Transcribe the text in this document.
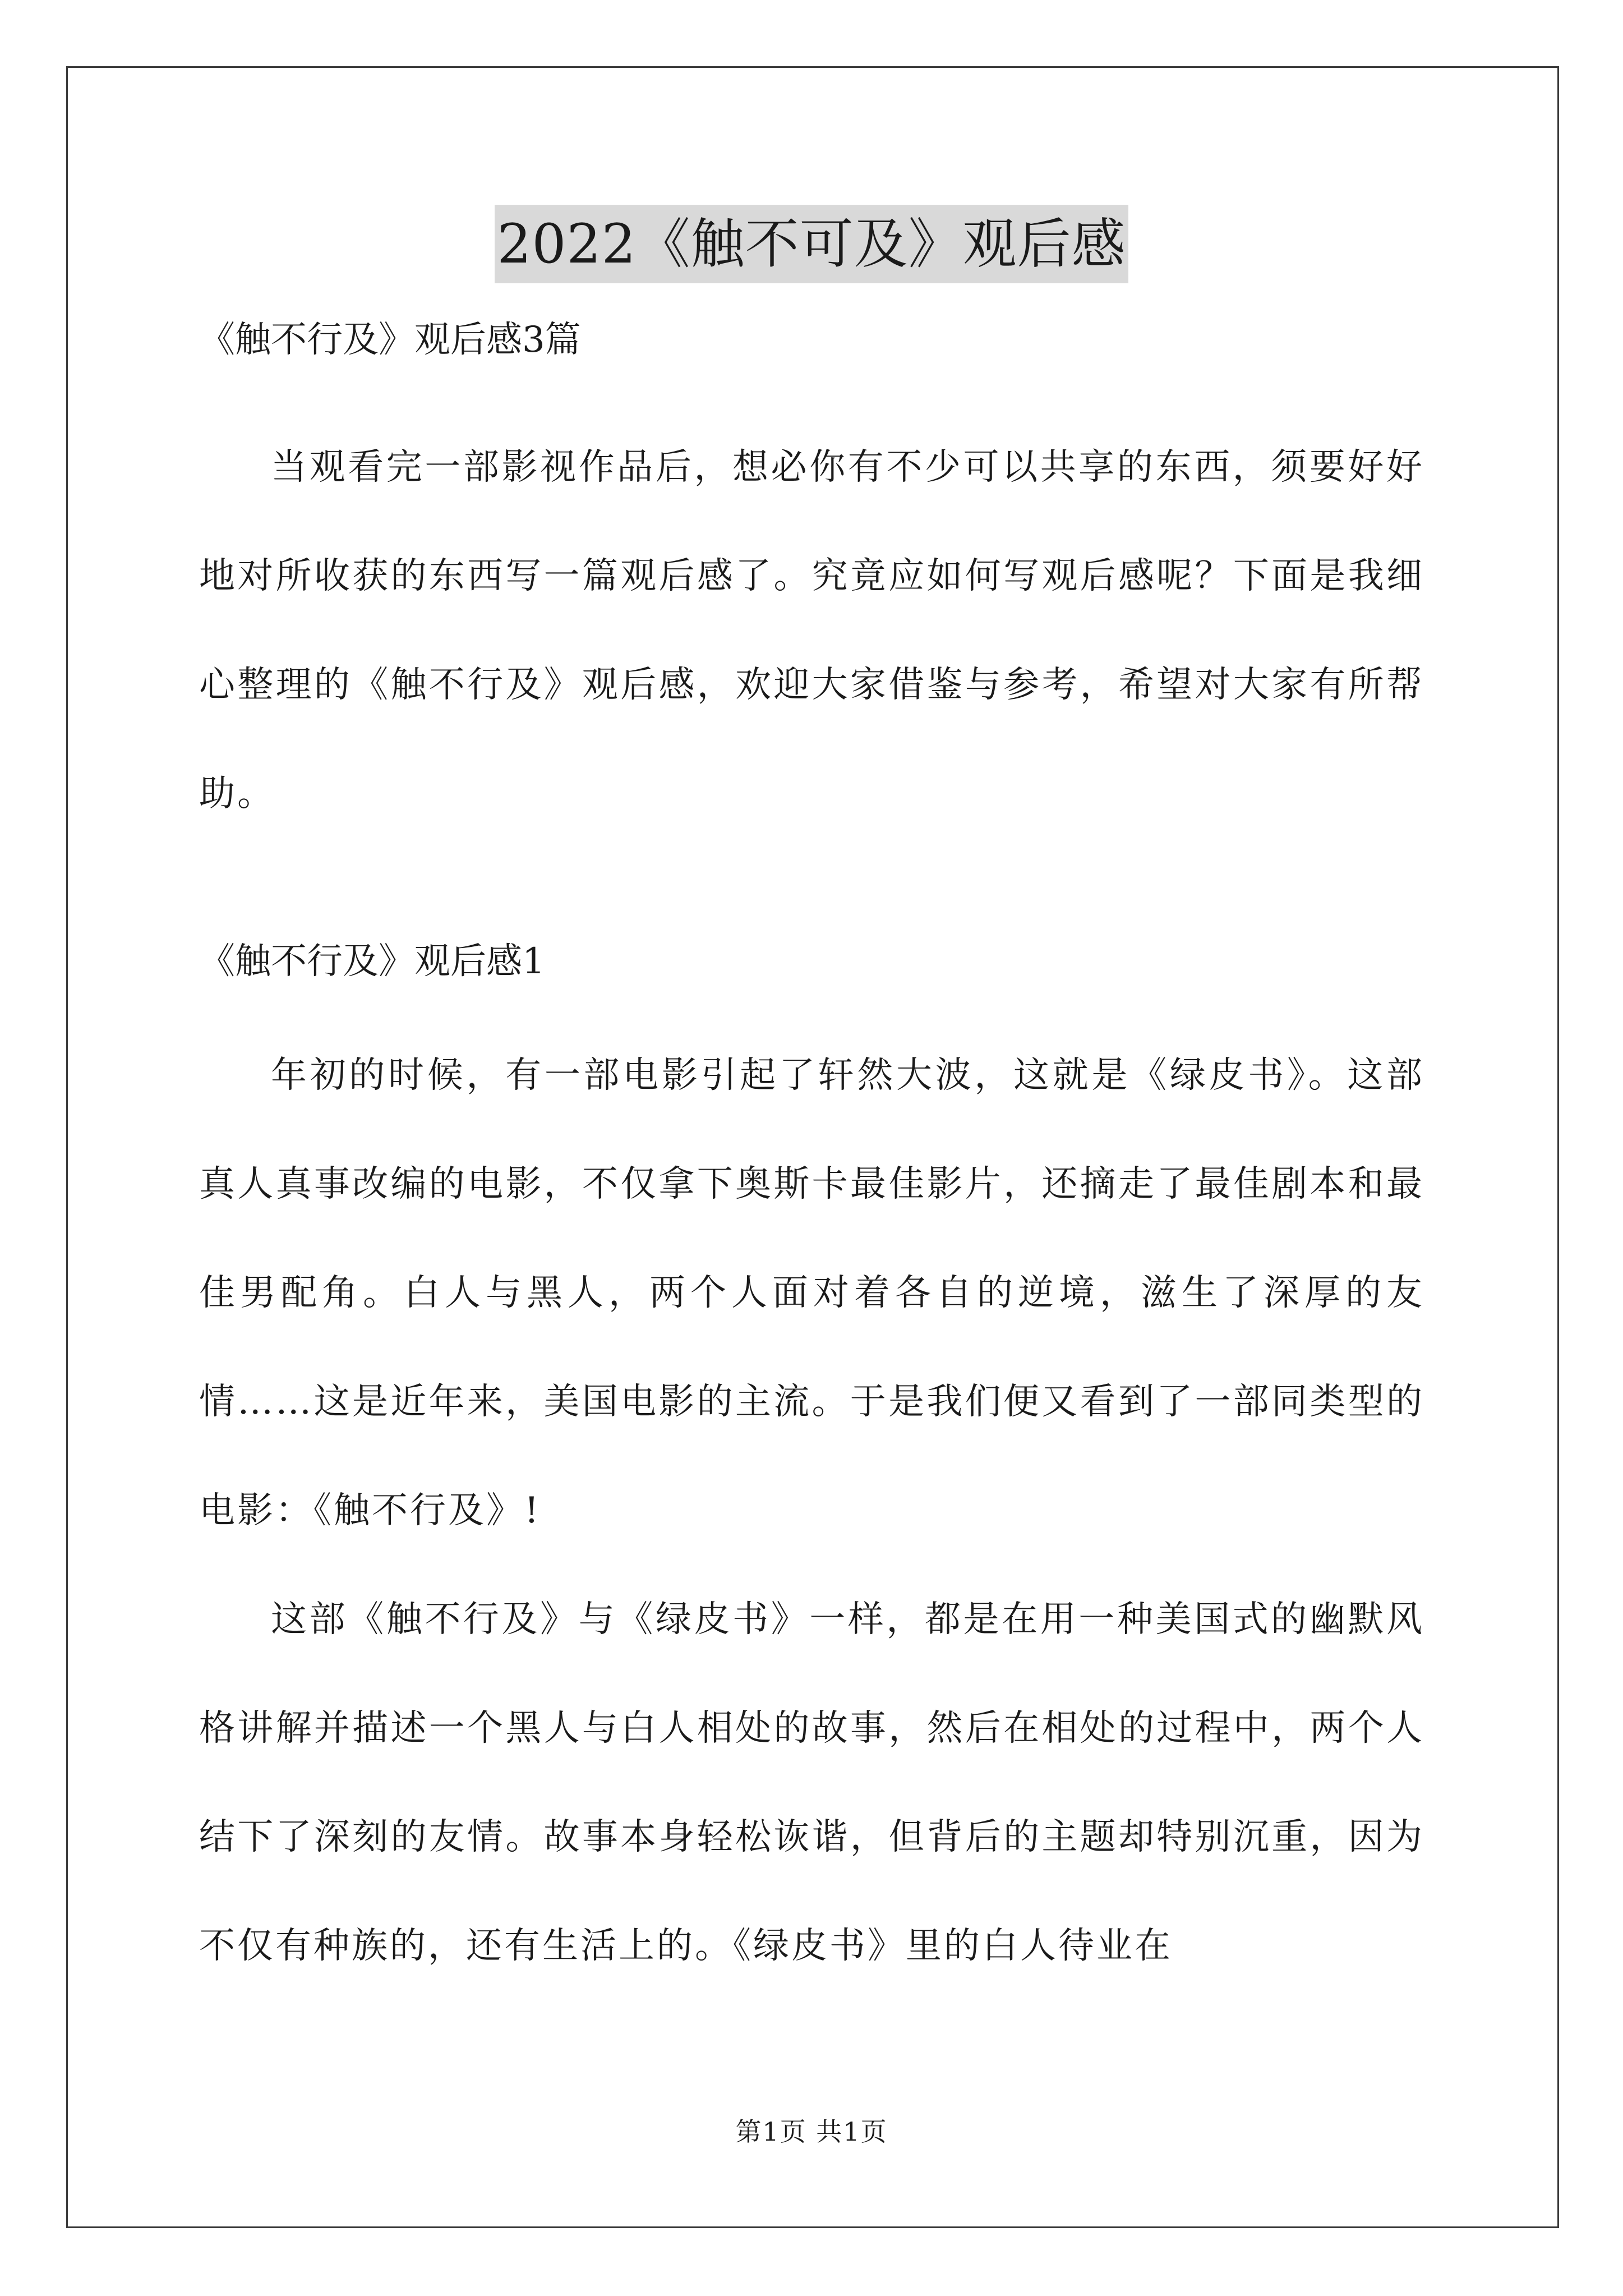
2022《触不可及》观后感

《触不行及》观后感3篇

当观看完一部影视作品后，想必你有不少可以共享的东西，须要好好地对所收获的东西写一篇观后感了。究竟应如何写观后感呢？下面是我细心整理的《触不行及》观后感，欢迎大家借鉴与参考，希望对大家有所帮助。

《触不行及》观后感1

年初的时候，有一部电影引起了轩然大波，这就是《绿皮书》。这部真人真事改编的电影，不仅拿下奥斯卡最佳影片，还摘走了最佳剧本和最佳男配角。白人与黑人，两个人面对着各自的逆境，滋生了深厚的友情……这是近年来，美国电影的主流。于是我们便又看到了一部同类型的电影：《触不行及》!

这部《触不行及》与《绿皮书》一样，都是在用一种美国式的幽默风格讲解并描述一个黑人与白人相处的故事，然后在相处的过程中，两个人结下了深刻的友情。故事本身轻松诙谐，但背后的主题却特别沉重，因为不仅有种族的，还有生活上的。《绿皮书》里的白人待业在

第1页 共1页
